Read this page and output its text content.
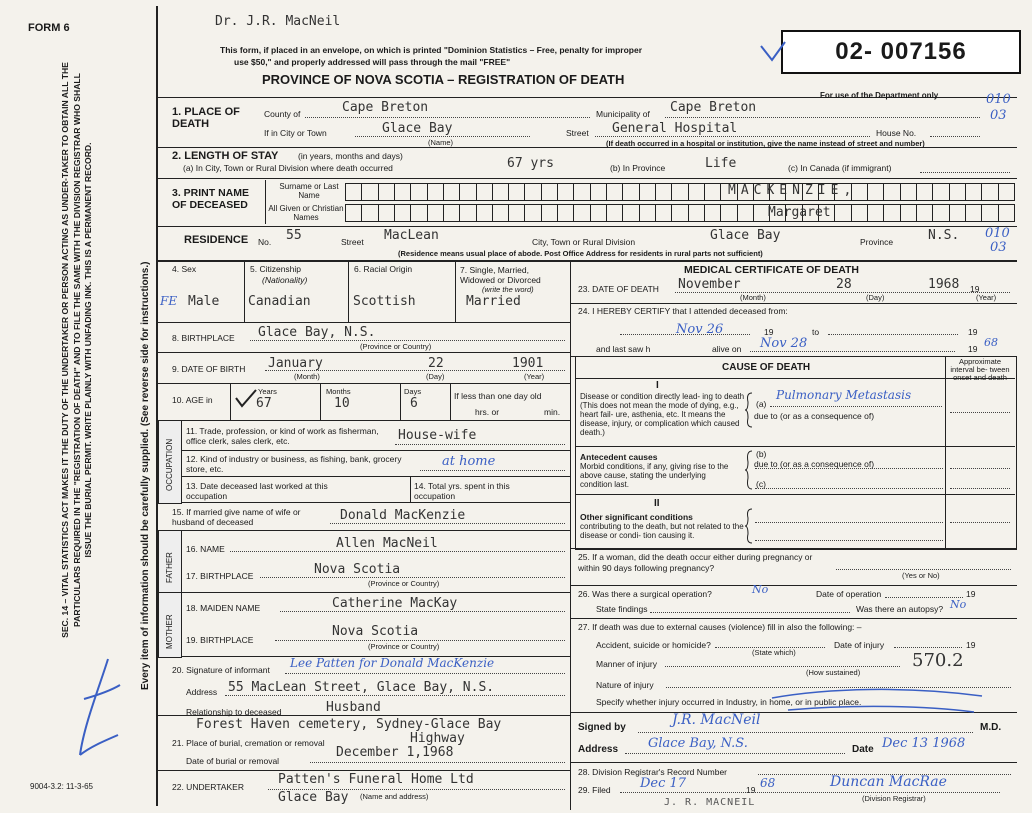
02- 007156
OCCUPATION
FATHER
MOTHER
FORM 6
SEC. 14 – VITAL STATISTICS ACT MAKES IT THE DUTY OF THE UNDERTAKER OR PERSON ACTING AS UNDER-TAKER TO OBTAIN ALL THE PARTICULARS REQUIRED IN THE "REGISTRATION OF DEATH" AND TO FILE THE SAME WITH THE DIVISION REGISTRAR WHO SHALL ISSUE THE BURIAL PERMIT. WRITE PLAINLY WITH UNFADING INK. THIS IS A PERMANENT RECORD.	Every item of information should be carefully supplied. (See reverse side for instructions.)
9004-3.2: 11-3-65
Dr. J.R. MacNeil
This form, if placed in an envelope, on which is printed "Dominion Statistics – Free, penalty for improper
use $50," and properly addressed will pass through the mail "FREE"
PROVINCE OF NOVA SCOTIA – REGISTRATION OF DEATH
For use of the Department only	010
03
1. PLACE OF DEATH
County of	Cape Breton	Municipality of Cape Breton
If in City or Town	Glace Bay
(Name)
Street General Hospital	House No.
(If death occurred in a hospital or institution, give the name instead of street and number)
2. LENGTH OF STAY (in years, months and days)
(a) In City, Town or Rural Division where death occurred	67 yrs	(b) In Province	Life	(c) In Canada (if immigrant)
3. PRINT NAME OF DECEASED
Surname or Last Name
All Given or Christian Names
MACKENZIE,
Margaret
RESIDENCE No. 55	Street MacLean	City, Town or Rural Division	Glace Bay	Province	N.S. 010
03
(Residence means usual place of abode. Post Office Address for residents in rural parts not sufficient)
4. Sex
FE Male
5. Citizenship
(Nationality)
Canadian
6. Racial Origin
Scottish
7. Single, Married, Widowed or Divorced
(write the word)
Married
8. BIRTHPLACE Glace Bay, N.S.
(Province or Country)
9. DATE OF BIRTH January	22	1901
(Month)	(Day)	(Year)
10. AGE in
Years	Months	Days
67	10	6	If less than one day old
hrs. or	min.
11. Trade, profession, or kind of work as fisherman, office clerk, sales clerk, etc.	House-wife
12. Kind of industry or business, as fishing, bank, grocery store, etc.	at home
13. Date deceased last worked at this occupation
14. Total yrs. spent in this occupation
15. If married give name of wife or husband of deceased	Donald MacKenzie
16. NAME	Allen MacNeil
17. BIRTHPLACE	Nova Scotia
(Province or Country)
18. MAIDEN NAME	Catherine MacKay
19. BIRTHPLACE
Nova Scotia
(Province or Country)
20. Signature of informant Lee Patten for Donald MacKenzie
Address 55 MacLean Street, Glace Bay, N.S.
Relationship to deceased	Husband
Forest Haven cemetery, Sydney-Glace Bay
Highway
21. Place of burial, cremation or removal
Date of burial or removal
December 1,1968
22. UNDERTAKER	Patten's Funeral Home Ltd
Glace Bay (Name and address)
MEDICAL CERTIFICATE OF DEATH
23. DATE OF DEATH November	28	1968 19
(Month)	(Day)	(Year)
24. I HEREBY CERTIFY that I attended deceased from:
Nov 26	19	to	19
and last saw h	alive on Nov 28	19 68
CAUSE OF DEATH
Approximate interval be- tween onset and death
I
Disease or condition directly lead- ing to death (This does not mean the mode of dying, e.g., heart fail- ure, asthenia, etc. It means the disease, injury, or complication which caused death.)
(a)
Pulmonary Metastasis
due to (or as a consequence of)
Antecedent causes
Morbid conditions, if any, giving rise to the above cause, stating the underlying condition last.
(b)
due to (or as a consequence of)
(c)
II
Other significant conditions
contributing to the death, but not related to the disease or condi- tion causing it.
25. If a woman, did the death occur either during pregnancy or within 90 days following pregnancy?
(Yes or No)
26. Was there a surgical operation?	No	Date of operation	19
State findings	Was there an autopsy? No
27. If death was due to external causes (violence) fill in also the following: –
Accident, suicide or homicide?	Date of injury	19
(State which)	570.2
Manner of injury
(How sustained)
Nature of injury
Specify whether injury occurred in Industry, in home, or in public place.
Signed by	J.R. MacNeil	M.D.
Address Glace Bay, N.S.	Date Dec 13 1968
28. Division Registrar's Record Number
29. Filed Dec 17	19 68	Duncan MacRae
(Division Registrar)
J. R. MACNEIL
